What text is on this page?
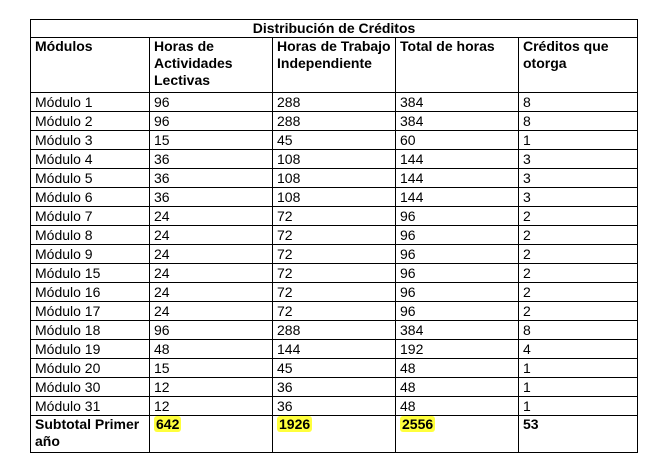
Distribución de Créditos				
Módulos	Horas de Actividades Lectivas	Horas de Trabajo Independiente	Total de horas	Créditos que otorga
Módulo 1	96	288	384	8
Módulo 2	96	288	384	8
Módulo 3	15	45	60	1
Módulo 4	36	108	144	3
Módulo 5	36	108	144	3
Módulo 6	36	108	144	3
Módulo 7	24	72	96	2
Módulo 8	24	72	96	2
Módulo 9	24	72	96	2
Módulo 15	24	72	96	2
Módulo 16	24	72	96	2
Módulo 17	24	72	96	2
Módulo 18	96	288	384	8
Módulo 19	48	144	192	4
Módulo 20	15	45	48	1
Módulo 30	12	36	48	1
Módulo 31	12	36	48	1
Subtotal Primer año	642	1926	2556	53
